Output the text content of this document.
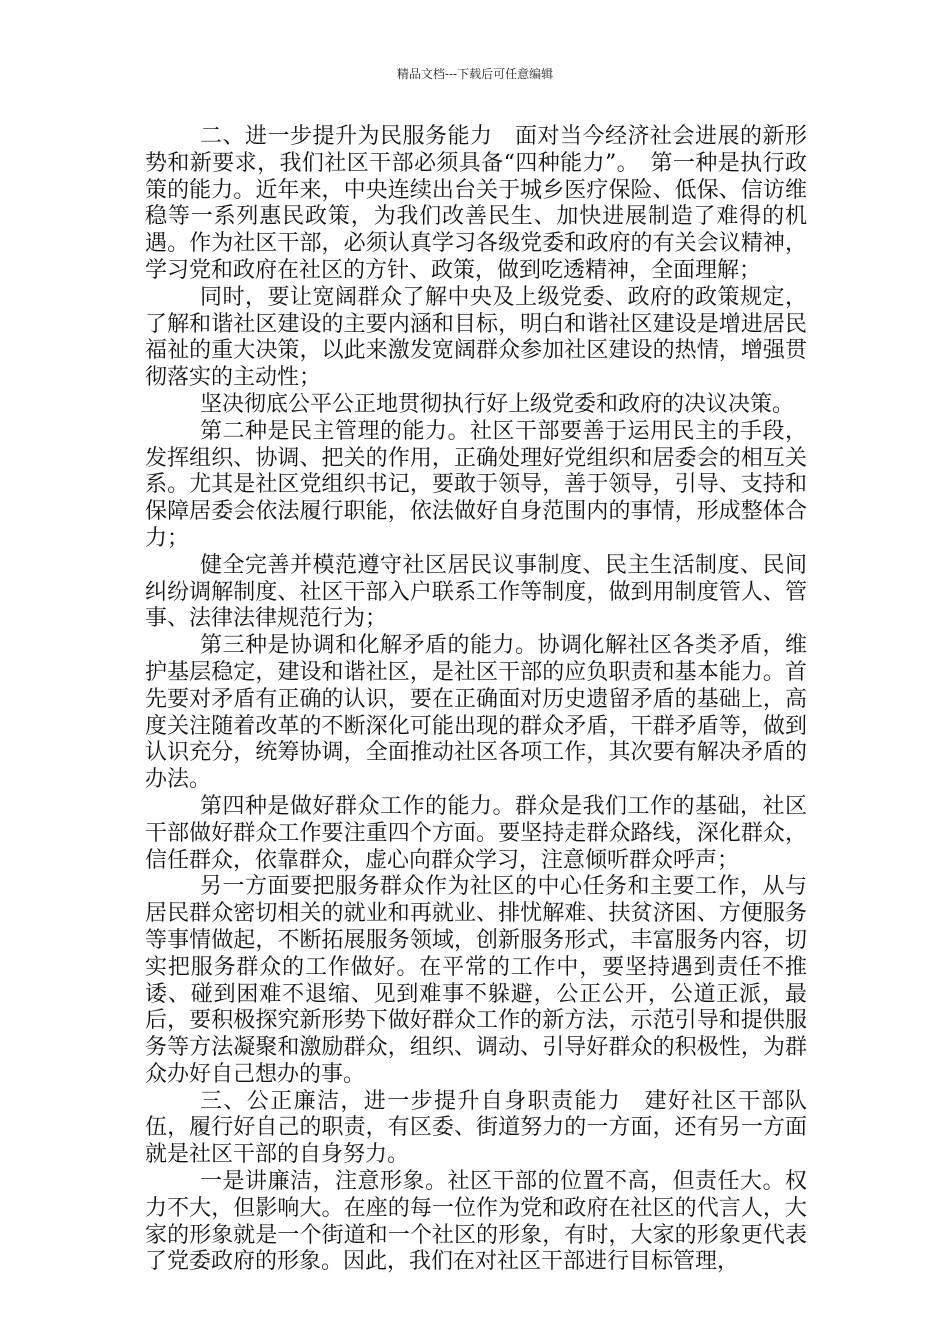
精品文档---下载后可任意编辑

二、进一步提升为民服务能力　面对当今经济社会进展的新形势和新要求，我们社区干部必须具备“四种能力”。　第一种是执行政策的能力。近年来，中央连续出台关于城乡医疗保险、低保、信访维稳等一系列惠民政策，为我们改善民生、加快进展制造了难得的机遇。作为社区干部，必须认真学习各级党委和政府的有关会议精神，学习党和政府在社区的方针、政策，做到吃透精神，全面理解；

同时，要让宽阔群众了解中央及上级党委、政府的政策规定，了解和谐社区建设的主要内涵和目标，明白和谐社区建设是增进居民福祉的重大决策，以此来激发宽阔群众参加社区建设的热情，增强贯彻落实的主动性；

坚决彻底公平公正地贯彻执行好上级党委和政府的决议决策。

第二种是民主管理的能力。社区干部要善于运用民主的手段，发挥组织、协调、把关的作用，正确处理好党组织和居委会的相互关系。尤其是社区党组织书记，要敢于领导，善于领导，引导、支持和保障居委会依法履行职能，依法做好自身范围内的事情，形成整体合力；

健全完善并模范遵守社区居民议事制度、民主生活制度、民间纠纷调解制度、社区干部入户联系工作等制度，做到用制度管人、管事、法律法律规范行为；

第三种是协调和化解矛盾的能力。协调化解社区各类矛盾，维护基层稳定，建设和谐社区，是社区干部的应负职责和基本能力。首先要对矛盾有正确的认识，要在正确面对历史遗留矛盾的基础上，高度关注随着改革的不断深化可能出现的群众矛盾，干群矛盾等，做到认识充分，统筹协调，全面推动社区各项工作，其次要有解决矛盾的办法。

第四种是做好群众工作的能力。群众是我们工作的基础，社区干部做好群众工作要注重四个方面。要坚持走群众路线，深化群众，信任群众，依靠群众，虚心向群众学习，注意倾听群众呼声；

另一方面要把服务群众作为社区的中心任务和主要工作，从与居民群众密切相关的就业和再就业、排忧解难、扶贫济困、方便服务等事情做起，不断拓展服务领域，创新服务形式，丰富服务内容，切实把服务群众的工作做好。在平常的工作中，要坚持遇到责任不推诿、碰到困难不退缩、见到难事不躲避，公正公开，公道正派，最后，要积极探究新形势下做好群众工作的新方法，示范引导和提供服务等方法凝聚和激励群众，组织、调动、引导好群众的积极性，为群众办好自己想办的事。

三、公正廉洁，进一步提升自身职责能力　建好社区干部队伍，履行好自己的职责，有区委、街道努力的一方面，还有另一方面就是社区干部的自身努力。

一是讲廉洁，注意形象。社区干部的位置不高，但责任大。权力不大，但影响大。在座的每一位作为党和政府在社区的代言人，大家的形象就是一个街道和一个社区的形象，有时，大家的形象更代表了党委政府的形象。因此，我们在对社区干部进行目标管理，
